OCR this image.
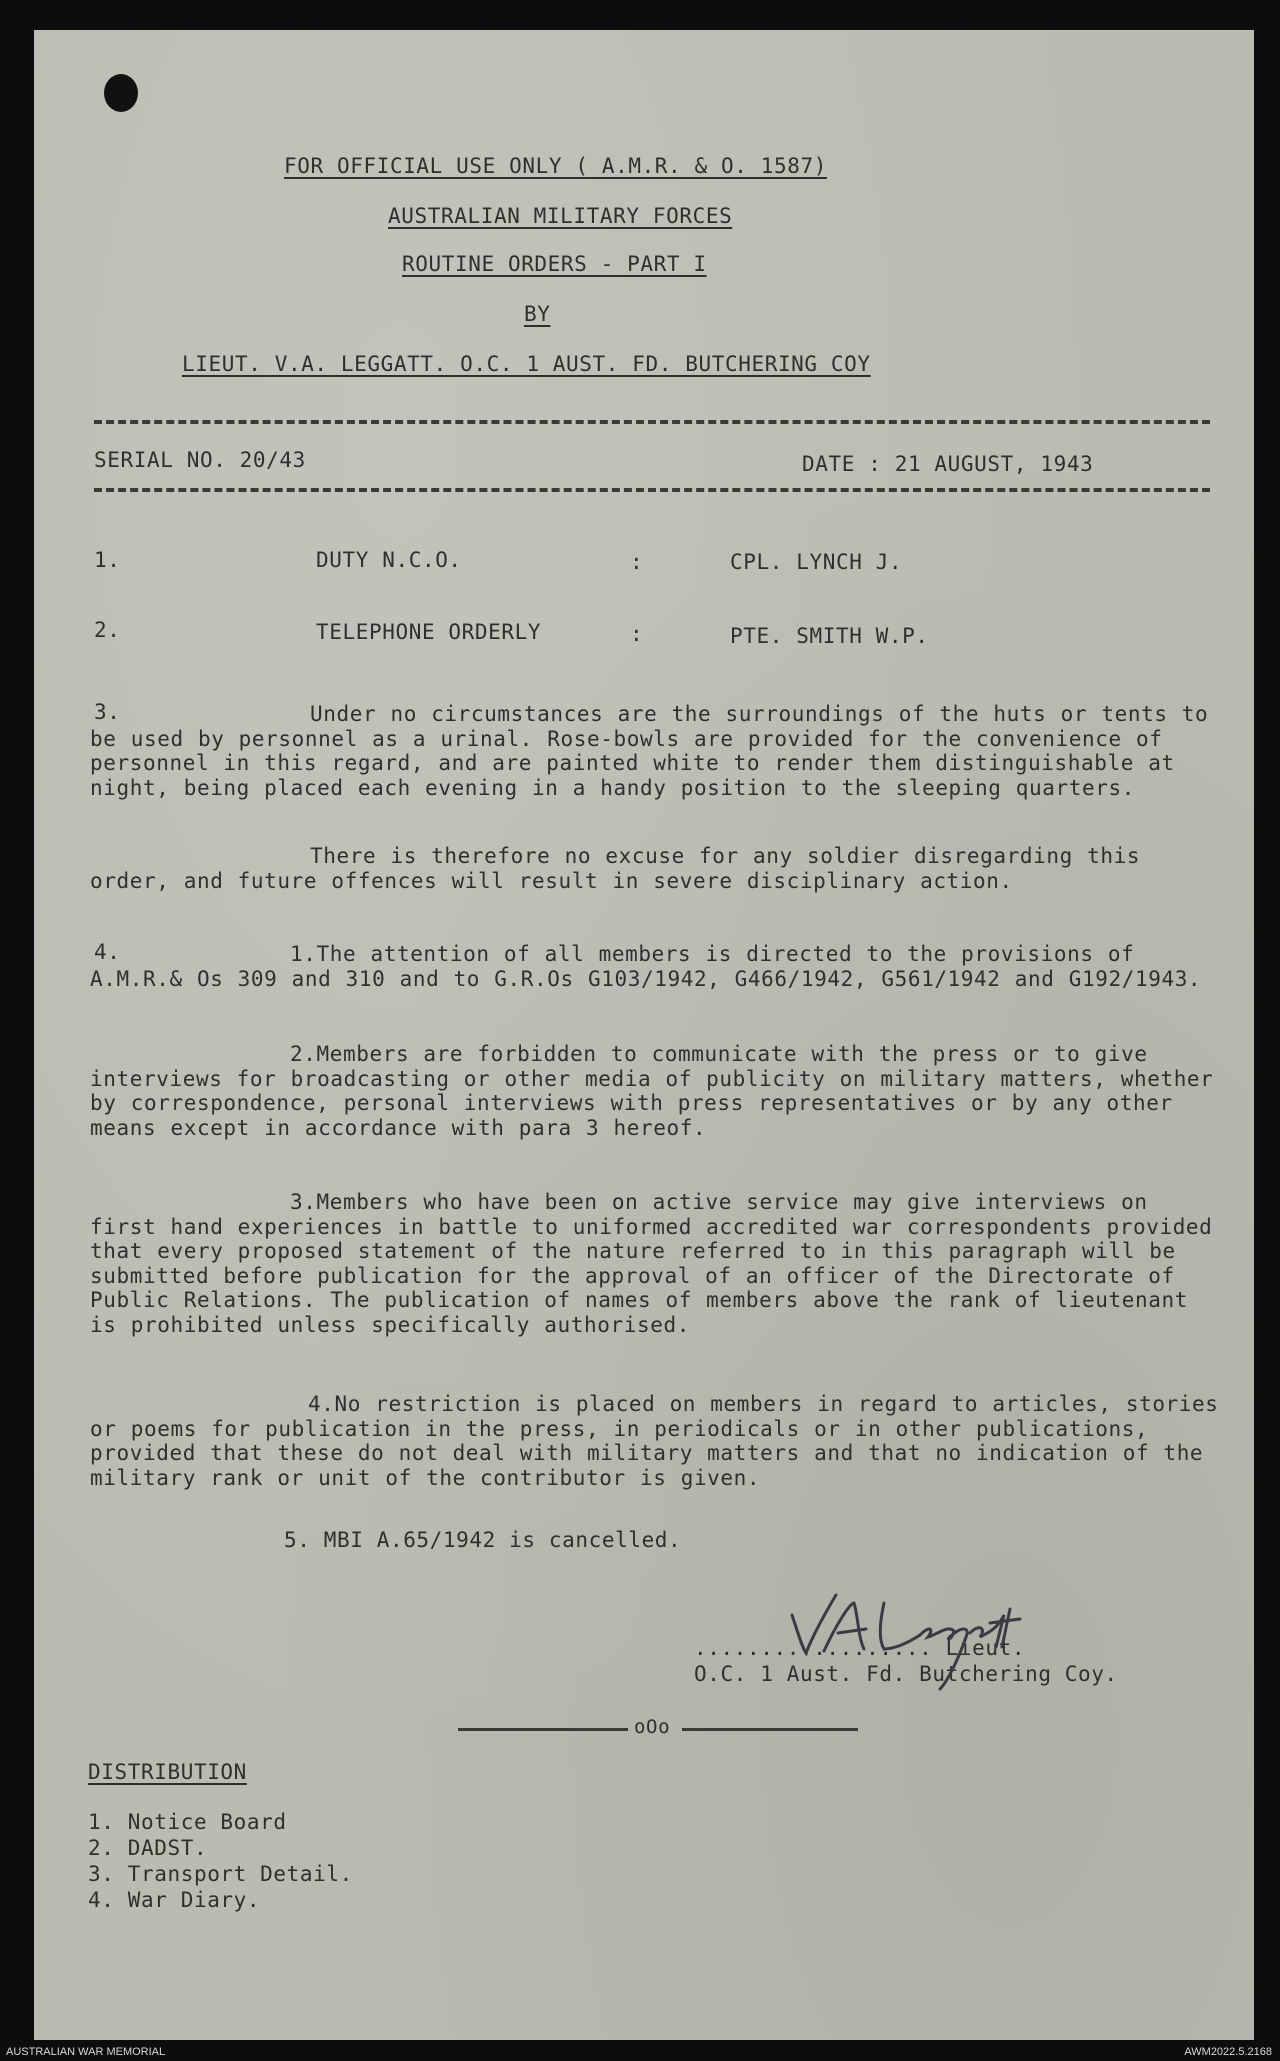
FOR OFFICIAL USE ONLY ( A.M.R. & O. 1587)
AUSTRALIAN MILITARY FORCES
ROUTINE ORDERS - PART I
BY
LIEUT. V.A. LEGGATT. O.C. 1 AUST. FD. BUTCHERING COY
SERIAL NO. 20/43	DATE : 21 AUGUST, 1943
1.	DUTY N.C.O.	:	CPL. LYNCH J.
2.	TELEPHONE ORDERLY	:	PTE. SMITH W.P.
3.	Under no circumstances are the surroundings of the huts or tents to be used by personnel as a urinal. Rose-bowls are provided for the convenience of personnel in this regard, and are painted white to render them distinguishable at night, being placed each evening in a handy position to the sleeping quarters.

There is therefore no excuse for any soldier disregarding this order, and future offences will result in severe disciplinary action.

4.	1.The attention of all members is directed to the provisions of A.M.R.& Os 309 and 310 and to G.R.Os G103/1942, G466/1942, G561/1942 and G192/1943.

2.Members are forbidden to communicate with the press or to give interviews for broadcasting or other media of publicity on military matters, whether by correspondence, personal interviews with press representatives or by any other means except in accordance with para 3 hereof.

3.Members who have been on active service may give interviews on first hand experiences in battle to uniformed accredited war correspondents provided that every proposed statement of the nature referred to in this paragraph will be submitted before publication for the approval of an officer of the Directorate of Public Relations. The publication of names of members above the rank of lieutenant is prohibited unless specifically authorised.

4.No restriction is placed on members in regard to articles, stories or poems for publication in the press, in periodicals or in other publications, provided that these do not deal with military matters and that no indication of the military rank or unit of the contributor is given.

5. MBI A.65/1942 is cancelled.
.................. Lieut.
O.C. 1 Aust. Fd. Butchering Coy.
oOo
DISTRIBUTION
1. Notice Board
2. DADST.
3. Transport Detail.
4. War Diary.
AUSTRALIAN WAR MEMORIAL	AWM2022.5.2168
